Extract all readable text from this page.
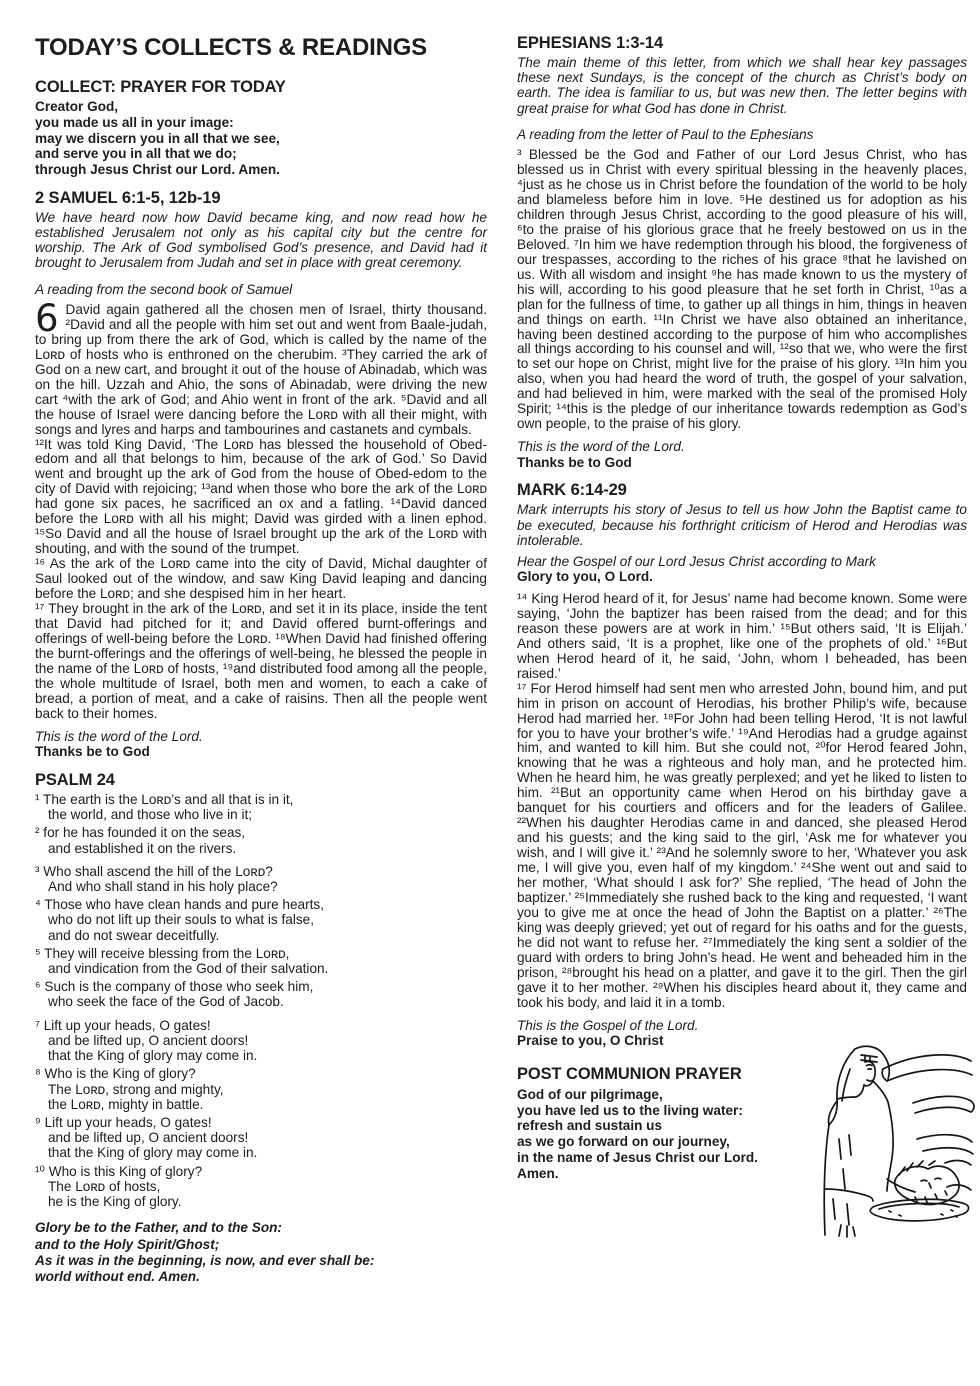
TODAY’S COLLECTS & READINGS
COLLECT: PRAYER FOR TODAY
Creator God,
you made us all in your image:
may we discern you in all that we see,
and serve you in all that we do;
through Jesus Christ our Lord. Amen.
2 SAMUEL 6:1-5, 12b-19

We have heard now how David became king, and now read how he established Jerusalem not only as his capital city but the centre for worship. The Ark of God symbolised God’s presence, and David had it brought to Jerusalem from Judah and set in place with great ceremony.

A reading from the second book of Samuel

6 David again gathered all the chosen men of Israel, thirty thousand. ²David and all the people with him set out and went from Baale-judah, to bring up from there the ark of God, which is called by the name of the Lᴏʀᴅ of hosts who is enthroned on the cherubim. ³They carried the ark of God on a new cart, and brought it out of the house of Abinadab, which was on the hill. Uzzah and Ahio, the sons of Abinadab, were driving the new cart ⁴with the ark of God; and Ahio went in front of the ark. ⁵David and all the house of Israel were dancing before the Lᴏʀᴅ with all their might, with songs and lyres and harps and tambourines and castanets and cymbals.

¹²It was told King David, ‘The Lᴏʀᴅ has blessed the household of Obed-edom and all that belongs to him, because of the ark of God.’ So David went and brought up the ark of God from the house of Obed-edom to the city of David with rejoicing; ¹³and when those who bore the ark of the Lᴏʀᴅ had gone six paces, he sacrificed an ox and a fatling. ¹⁴David danced before the Lᴏʀᴅ with all his might; David was girded with a linen ephod. ¹⁵So David and all the house of Israel brought up the ark of the Lᴏʀᴅ with shouting, and with the sound of the trumpet.

¹⁶ As the ark of the Lᴏʀᴅ came into the city of David, Michal daughter of Saul looked out of the window, and saw King David leaping and dancing before the Lᴏʀᴅ; and she despised him in her heart.

¹⁷ They brought in the ark of the Lᴏʀᴅ, and set it in its place, inside the tent that David had pitched for it; and David offered burnt-offerings and offerings of well-being before the Lᴏʀᴅ. ¹⁸When David had finished offering the burnt-offerings and the offerings of well-being, he blessed the people in the name of the Lᴏʀᴅ of hosts, ¹⁹and distributed food among all the people, the whole multitude of Israel, both men and women, to each a cake of bread, a portion of meat, and a cake of raisins. Then all the people went back to their homes.

This is the word of the Lord.

Thanks be to God

PSALM 24
¹ The earth is the Lᴏʀᴅ’s and all that is in it,
the world, and those who live in it;
² for he has founded it on the seas,
and established it on the rivers.
³ Who shall ascend the hill of the Lᴏʀᴅ?
And who shall stand in his holy place?
⁴ Those who have clean hands and pure hearts,
who do not lift up their souls to what is false,
and do not swear deceitfully.
⁵ They will receive blessing from the Lᴏʀᴅ,
and vindication from the God of their salvation.
⁶ Such is the company of those who seek him,
who seek the face of the God of Jacob.
⁷ Lift up your heads, O gates!
and be lifted up, O ancient doors!
that the King of glory may come in.
⁸ Who is the King of glory?
The Lᴏʀᴅ, strong and mighty,
the Lᴏʀᴅ, mighty in battle.
⁹ Lift up your heads, O gates!
and be lifted up, O ancient doors!
that the King of glory may come in.
¹⁰ Who is this King of glory?
The Lᴏʀᴅ of hosts,
he is the King of glory.
Glory be to the Father, and to the Son:
and to the Holy Spirit/Ghost;
As it was in the beginning, is now, and ever shall be:
world without end. Amen.
EPHESIANS 1:3-14

The main theme of this letter, from which we shall hear key passages these next Sundays, is the concept of the church as Christ’s body on earth. The idea is familiar to us, but was new then. The letter begins with great praise for what God has done in Christ.

A reading from the letter of Paul to the Ephesians

³ Blessed be the God and Father of our Lord Jesus Christ, who has blessed us in Christ with every spiritual blessing in the heavenly places, ⁴just as he chose us in Christ before the foundation of the world to be holy and blameless before him in love. ⁵He destined us for adoption as his children through Jesus Christ, according to the good pleasure of his will, ⁶to the praise of his glorious grace that he freely bestowed on us in the Beloved. ⁷In him we have redemption through his blood, the forgiveness of our trespasses, according to the riches of his grace ⁸that he lavished on us. With all wisdom and insight ⁹he has made known to us the mystery of his will, according to his good pleasure that he set forth in Christ, ¹⁰as a plan for the fullness of time, to gather up all things in him, things in heaven and things on earth. ¹¹In Christ we have also obtained an inheritance, having been destined according to the purpose of him who accomplishes all things according to his counsel and will, ¹²so that we, who were the first to set our hope on Christ, might live for the praise of his glory. ¹³In him you also, when you had heard the word of truth, the gospel of your salvation, and had believed in him, were marked with the seal of the promised Holy Spirit; ¹⁴this is the pledge of our inheritance towards redemption as God’s own people, to the praise of his glory.

This is the word of the Lord.

Thanks be to God

MARK 6:14-29

Mark interrupts his story of Jesus to tell us how John the Baptist came to be executed, because his forthright criticism of Herod and Herodias was intolerable.

Hear the Gospel of our Lord Jesus Christ according to Mark

Glory to you, O Lord.

¹⁴ King Herod heard of it, for Jesus’ name had become known. Some were saying, ‘John the baptizer has been raised from the dead; and for this reason these powers are at work in him.’ ¹⁵But others said, ‘It is Elijah.’ And others said, ‘It is a prophet, like one of the prophets of old.’ ¹⁶But when Herod heard of it, he said, ‘John, whom I beheaded, has been raised.’

¹⁷ For Herod himself had sent men who arrested John, bound him, and put him in prison on account of Herodias, his brother Philip’s wife, because Herod had married her. ¹⁸For John had been telling Herod, ‘It is not lawful for you to have your brother’s wife.’ ¹⁹And Herodias had a grudge against him, and wanted to kill him. But she could not, ²⁰for Herod feared John, knowing that he was a righteous and holy man, and he protected him. When he heard him, he was greatly perplexed; and yet he liked to listen to him. ²¹But an opportunity came when Herod on his birthday gave a banquet for his courtiers and officers and for the leaders of Galilee. ²²When his daughter Herodias came in and danced, she pleased Herod and his guests; and the king said to the girl, ‘Ask me for whatever you wish, and I will give it.’ ²³And he solemnly swore to her, ‘Whatever you ask me, I will give you, even half of my kingdom.’ ²⁴She went out and said to her mother, ‘What should I ask for?’ She replied, ‘The head of John the baptizer.’ ²⁵Immediately she rushed back to the king and requested, ‘I want you to give me at once the head of John the Baptist on a platter.’ ²⁶The king was deeply grieved; yet out of regard for his oaths and for the guests, he did not want to refuse her. ²⁷Immediately the king sent a soldier of the guard with orders to bring John’s head. He went and beheaded him in the prison, ²⁸brought his head on a platter, and gave it to the girl. Then the girl gave it to her mother. ²⁹When his disciples heard about it, they came and took his body, and laid it in a tomb.

This is the Gospel of the Lord.

Praise to you, O Christ

POST COMMUNION PRAYER
God of our pilgrimage,
you have led us to the living water:
refresh and sustain us
as we go forward on our journey,
in the name of Jesus Christ our Lord.
Amen.
